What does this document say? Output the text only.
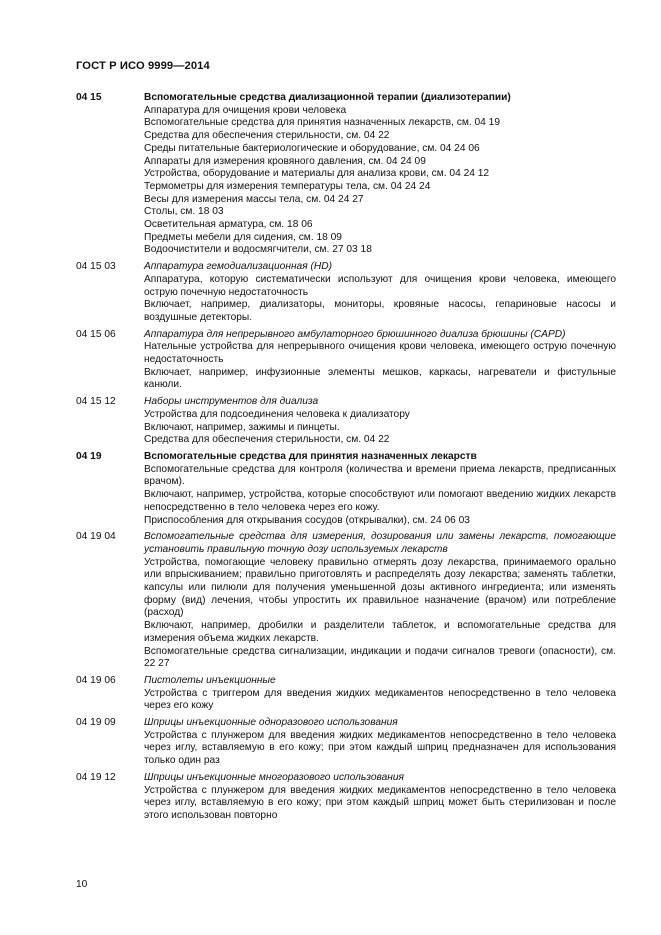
ГОСТ Р ИСО 9999—2014
04 15	Вспомогательные средства диализационной терапии (диализотерапии)
Аппаратура для очищения крови человека
Вспомогательные средства для принятия назначенных лекарств, см. 04 19
Средства для обеспечения стерильности, см. 04 22
Среды питательные бактериологические и оборудование, см. 04 24 06
Аппараты для измерения кровяного давления, см. 04 24 09
Устройства, оборудование и материалы для анализа крови, см. 04 24 12
Термометры для измерения температуры тела, см. 04 24 24
Весы для измерения массы тела, см. 04 24 27
Столы, см. 18 03
Осветительная арматура, см. 18 06
Предметы мебели для сидения, см. 18 09
Водоочистители и водосмягчители, см. 27 03 18
04 15 03	Аппаратура гемодиализационная (HD)
Аппаратура, которую систематически используют для очищения крови человека, имеющего острую почечную недостаточность
Включает, например, диализаторы, мониторы, кровяные насосы, гепариновые насосы и воздушные детекторы.
04 15 06	Аппаратура для непрерывного амбулаторного брюшинного диализа брюшины (CAPD)
Нательные устройства для непрерывного очищения крови человека, имеющего острую почечную недостаточность
Включает, например, инфузионные элементы мешков, каркасы, нагреватели и фистульные канюли.
04 15 12	Наборы инструментов для диализа
Устройства для подсоединения человека к диализатору
Включают, например, зажимы и пинцеты.
Средства для обеспечения стерильности, см. 04 22
04 19	Вспомогательные средства для принятия назначенных лекарств
Вспомогательные средства для контроля (количества и времени приема лекарств, предписанных врачом).
Включают, например, устройства, которые способствуют или помогают введению жидких лекарств непосредственно в тело человека через его кожу.
Приспособления для открывания сосудов (открывалки), см. 24 06 03
04 19 04	Вспомогательные средства для измерения, дозирования или замены лекарств, помогающие установить правильную точную дозу используемых лекарств
Устройства, помогающие человеку правильно отмерять дозу лекарства, принимаемого орально или впрыскиванием; правильно приготовлять и распределять дозу лекарства; заменять таблетки, капсулы или пилюли для получения уменьшенной дозы активного ингредиента; или изменять форму (вид) лечения, чтобы упростить их правильное назначение (врачом) или потребление (расход)
Включают, например, дробилки и разделители таблеток, и вспомогательные средства для измерения объема жидких лекарств.
Вспомогательные средства сигнализации, индикации и подачи сигналов тревоги (опасности), см. 22 27
04 19 06	Пистолеты инъекционные
Устройства с триггером для введения жидких медикаментов непосредственно в тело человека через его кожу
04 19 09	Шприцы инъекционные одноразового использования
Устройства с плунжером для введения жидких медикаментов непосредственно в тело человека через иглу, вставляемую в его кожу; при этом каждый шприц предназначен для использования только один раз
04 19 12	Шприцы инъекционные многоразового использования
Устройства с плунжером для введения жидких медикаментов непосредственно в тело человека через иглу, вставляемую в его кожу; при этом каждый шприц может быть стерилизован и после этого использован повторно
10
